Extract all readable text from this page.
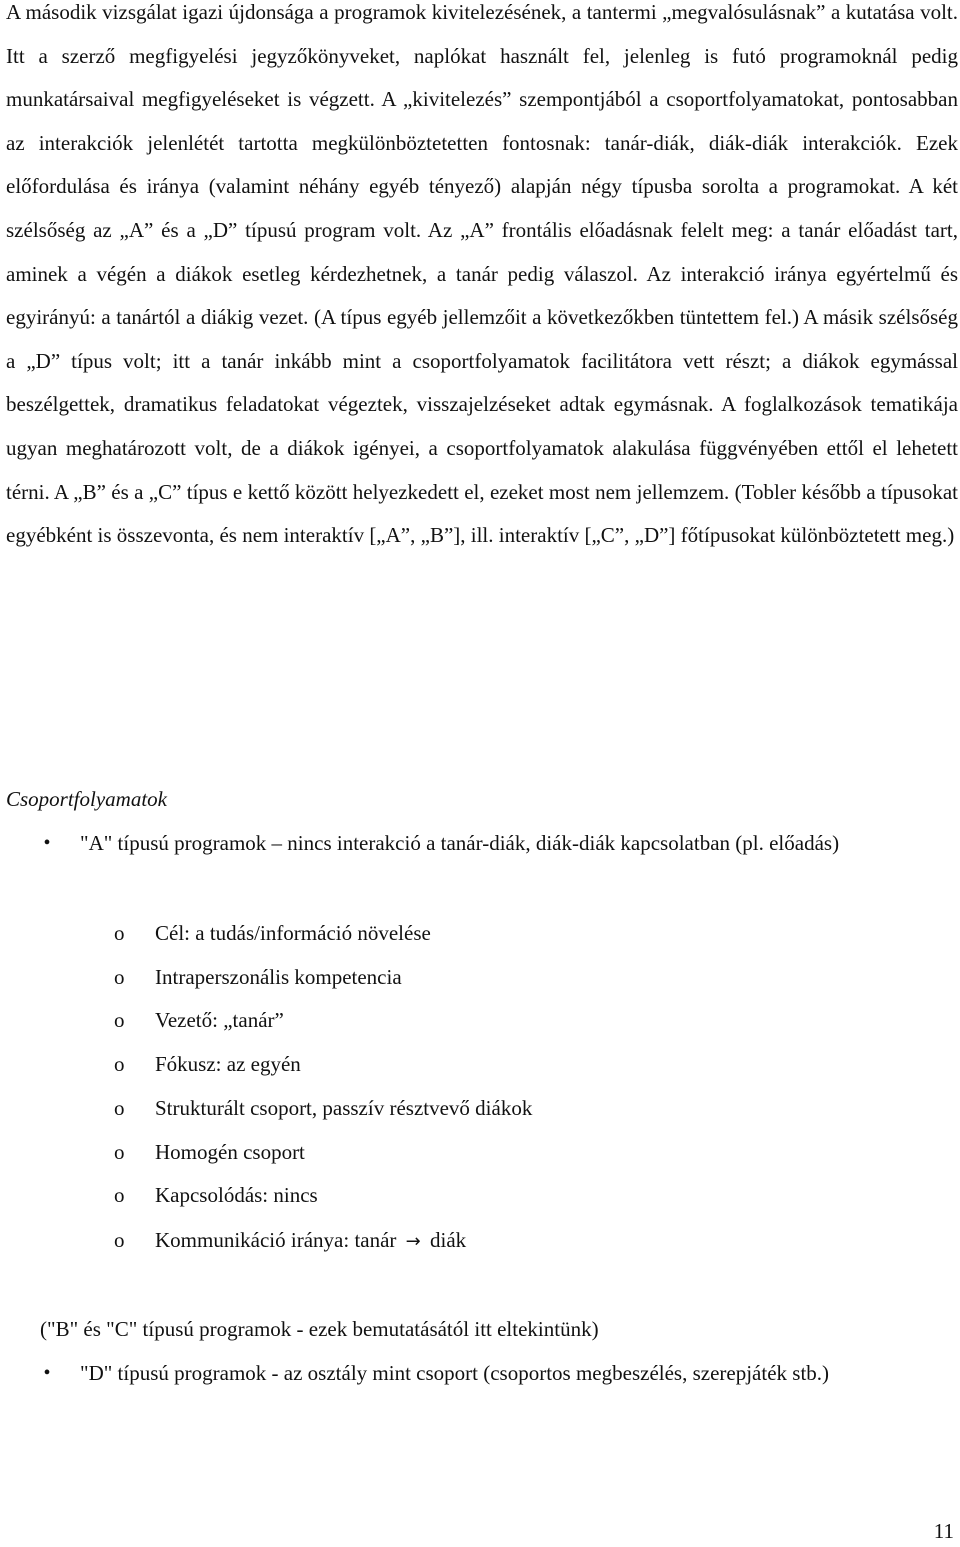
A második vizsgálat igazi újdonsága a programok kivitelezésének, a tantermi „megvalósulásnak” a kutatása volt. Itt a szerző megfigyelési jegyzőkönyveket, naplókat használt fel, jelenleg is futó programoknál pedig munkatársaival megfigyeléseket is végzett. A „kivitelezés” szempontjából a csoportfolyamatokat, pontosabban az interakciók jelenlétét tartotta megkülönböztetetten fontosnak: tanár-diák, diák-diák interakciók. Ezek előfordulása és iránya (valamint néhány egyéb tényező) alapján négy típusba sorolta a programokat. A két szélsőség az „A” és a „D” típusú program volt. Az „A” frontális előadásnak felelt meg: a tanár előadást tart, aminek a végén a diákok esetleg kérdezhetnek, a tanár pedig válaszol. Az interakció iránya egyértelmű és egyirányú: a tanártól a diákig vezet. (A típus egyéb jellemzőit a következőkben tüntettem fel.) A másik szélsőség a „D” típus volt; itt a tanár inkább mint a csoportfolyamatok facilitátora vett részt; a diákok egymással beszélgettek, dramatikus feladatokat végeztek, visszajelzéseket adtak egymásnak. A foglalkozások tematikája ugyan meghatározott volt, de a diákok igényei, a csoportfolyamatok alakulása függvényében ettől el lehetett térni. A „B” és a „C” típus e kettő között helyezkedett el, ezeket most nem jellemzem. (Tobler később a típusokat egyébként is összevonta, és nem interaktív [„A”, „B”], ill. interaktív [„C”, „D”] főtípusokat különböztetett meg.)

Csoportfolyamatok

•	"A" típusú programok – nincs interakció a tanár-diák, diák-diák kapcsolatban (pl. előadás)

o Cél: a tudás/információ növelése

o Intraperszonális kompetencia

o Vezető: „tanár”

o Fókusz: az egyén

o Strukturált csoport, passzív résztvevő diákok

o Homogén csoport

o Kapcsolódás: nincs

o Kommunikáció iránya: tanár → diák

("B" és "C" típusú programok - ezek bemutatásától itt eltekintünk)

•	"D" típusú programok - az osztály mint csoport (csoportos megbeszélés, szerepjáték stb.)

11
